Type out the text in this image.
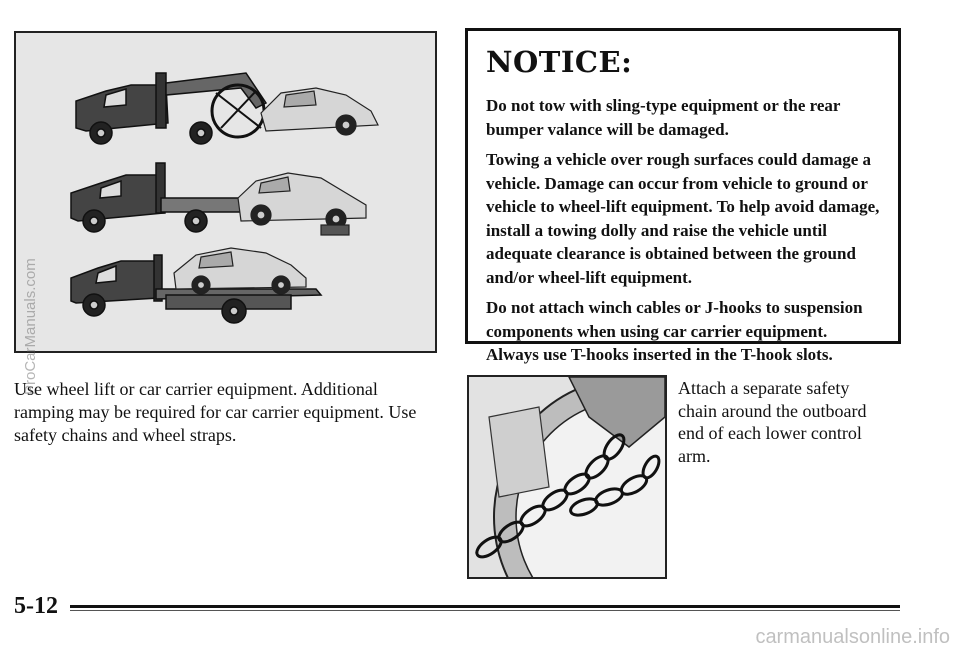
NOTICE:

Do not tow with sling-type equipment or the rear bumper valance will be damaged.

Towing a vehicle over rough surfaces could damage a vehicle. Damage can occur from vehicle to ground or vehicle to wheel-lift equipment. To help avoid damage, install a towing dolly and raise the vehicle until adequate clearance is obtained between the ground and/or wheel-lift equipment.

Do not attach winch cables or J-hooks to suspension components when using car carrier equipment. Always use T-hooks inserted in the T-hook slots.

Use wheel lift or car carrier equipment. Additional ramping may be required for car carrier equipment. Use safety chains and wheel straps.

Attach a separate safety chain around the outboard end of each lower control arm.

5-12
ProCarManuals.com
carmanualsonline.info
